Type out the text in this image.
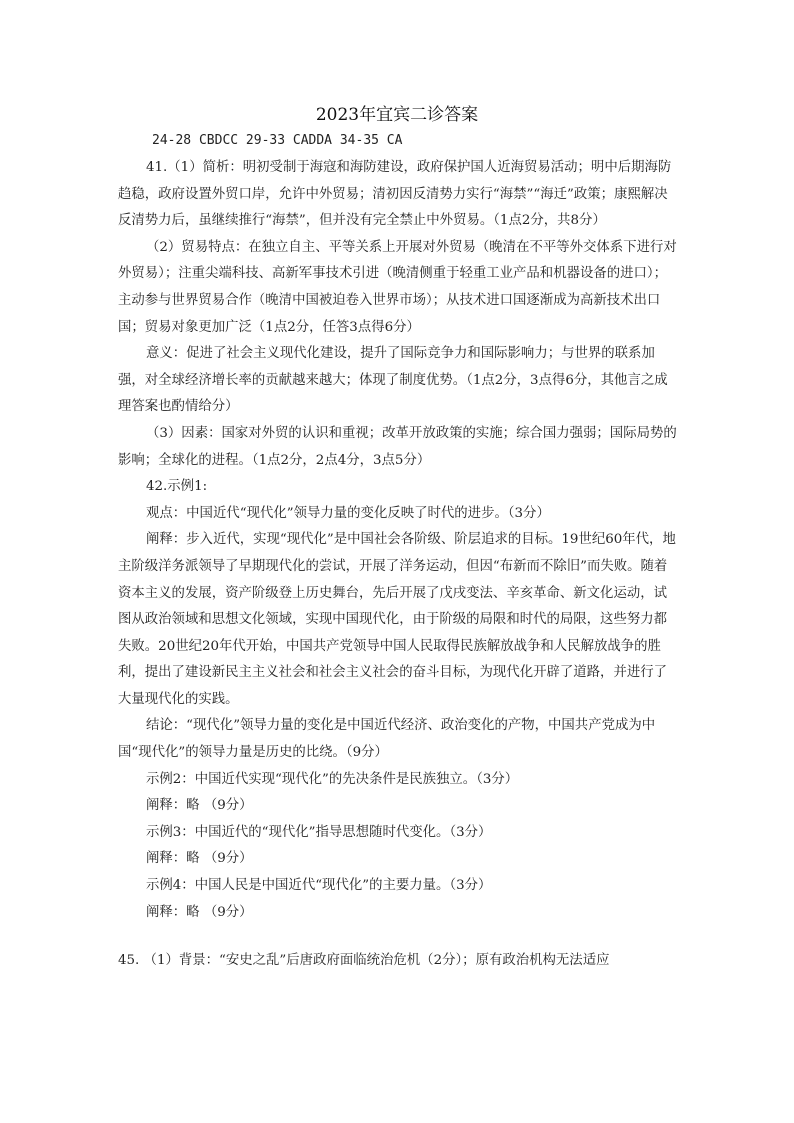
2023年宜宾二诊答案
24-28 CBDCC 29-33 CADDA 34-35 CA

41.（1）简析：明初受制于海寇和海防建设，政府保护国人近海贸易活动；明中后期海防趋稳，政府设置外贸口岸，允许中外贸易；清初因反清势力实行“海禁”“海迁”政策；康熙解决反清势力后，虽继续推行“海禁”，但并没有完全禁止中外贸易。（1点2分，共8分）

（2）贸易特点：在独立自主、平等关系上开展对外贸易（晚清在不平等外交体系下进行对外贸易）；注重尖端科技、高新军事技术引进（晚清侧重于轻重工业产品和机器设备的进口）；主动参与世界贸易合作（晚清中国被迫卷入世界市场）；从技术进口国逐渐成为高新技术出口国；贸易对象更加广泛（1点2分，任答3点得6分）

意义：促进了社会主义现代化建设，提升了国际竞争力和国际影响力；与世界的联系加强，对全球经济增长率的贡献越来越大；体现了制度优势。（1点2分，3点得6分，其他言之成理答案也酌情给分）

（3）因素：国家对外贸的认识和重视；改革开放政策的实施；综合国力强弱；国际局势的影响；全球化的进程。（1点2分，2点4分，3点5分）

42.示例1:

观点：中国近代“现代化”领导力量的变化反映了时代的进步。（3分）

阐释：步入近代，实现“现代化”是中国社会各阶级、阶层追求的目标。19世纪60年代，地主阶级洋务派领导了早期现代化的尝试，开展了洋务运动，但因“布新而不除旧”而失败。随着资本主义的发展，资产阶级登上历史舞台，先后开展了戊戌变法、辛亥革命、新文化运动，试图从政治领域和思想文化领域，实现中国现代化，由于阶级的局限和时代的局限，这些努力都失败。20世纪20年代开始，中国共产党领导中国人民取得民族解放战争和人民解放战争的胜利，提出了建设新民主主义社会和社会主义社会的奋斗目标，为现代化开辟了道路，并进行了大量现代化的实践。

结论：“现代化”领导力量的变化是中国近代经济、政治变化的产物，中国共产党成为中国“现代化”的领导力量是历史的比绕。（9分）

示例2：中国近代实现“现代化”的先决条件是民族独立。（3分）

阐释：略 （9分）

示例3：中国近代的“现代化”指导思想随时代变化。（3分）

阐释：略 （9分）

示例4：中国人民是中国近代“现代化”的主要力量。（3分）

阐释：略 （9分）

45. （1）背景：“安史之乱”后唐政府面临统治危机（2分）；原有政治机构无法适应
